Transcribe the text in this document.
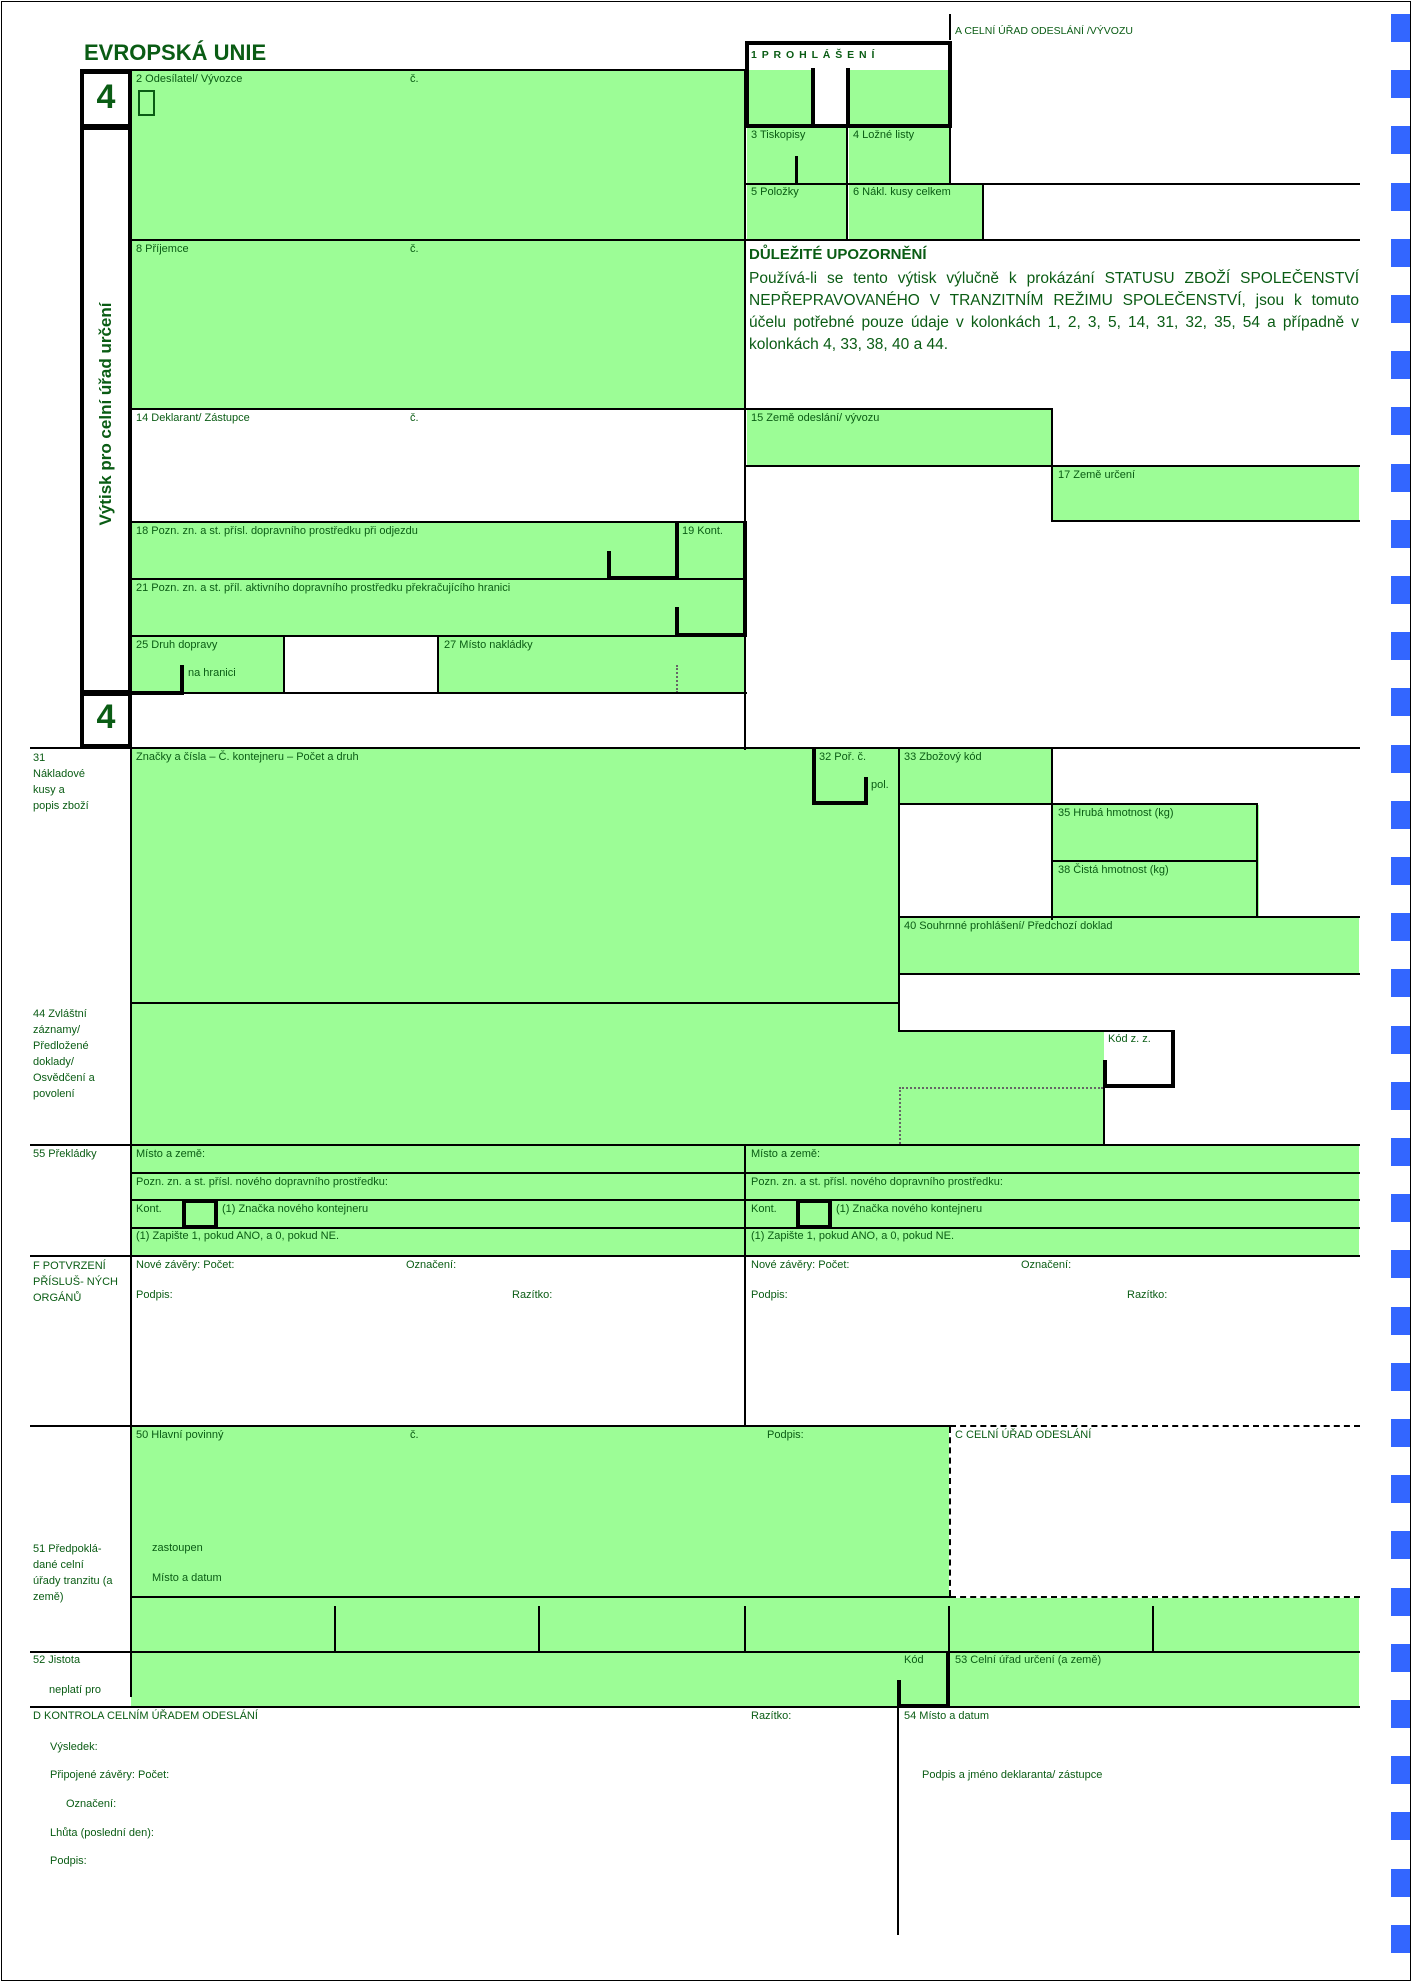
EVROPSKÁ UNIE
4
Výtisk pro celní úřad určení
4
1 P R O H L Á Š E N Í
A CELNÍ ÚŘAD ODESLÁNÍ /VÝVOZU
2 Odesílatel/ Vývozce	č.
3 Tiskopisy	4 Ložné listy
5 Položky	6 Nákl. kusy celkem
8 Příjemce	č.	DŮLEŽITÉ UPOZORNĚNÍ
Používá-li se tento výtisk výlučně k prokázání STATUSU ZBOŽÍ SPOLEČENSTVÍ NEPŘEPRAVOVANÉHO V TRANZITNÍM REŽIMU SPOLEČENSTVÍ, jsou k tomuto účelu potřebné pouze údaje v kolonkách 1, 2, 3, 5, 14, 31, 32, 35, 54 a případně v kolonkách 4, 33, 38, 40 a 44.
14 Deklarant/ Zástupce	č.	15 Země odeslání/ vývozu
17 Země určení
18 Pozn. zn. a st. přísl. dopravního prostředku při odjezdu	19 Kont.
21 Pozn. zn. a st. příl. aktivního dopravního prostředku překračujícího hranici
25 Druh dopravy
na hranici
27 Místo nakládky
31 Nákladové kusy a popis zboží
Značky a čísla – Č. kontejneru – Počet a druh	32 Poř. č.
pol.
33 Zbožový kód
35 Hrubá hmotnost (kg)
38 Čistá hmotnost (kg)
40 Souhrnné prohlášení/ Předchozí doklad
44 Zvláštní záznamy/ Předložené doklady/ Osvědčení a povolení
Kód z. z.
55 Překládky	Místo a země:	Místo a země:
Pozn. zn. a st. přísl. nového dopravního prostředku:	Pozn. zn. a st. přísl. nového dopravního prostředku:
Kont.	(1) Značka nového kontejneru	Kont.	(1) Značka nového kontejneru
(1) Zapište 1, pokud ANO, a 0, pokud NE.	(1) Zapište 1, pokud ANO, a 0, pokud NE.
F POTVRZENÍ PŘÍSLUŠ- NÝCH ORGÁNŮ
Nové závěry: Počet:	Označení:
Podpis:	Razítko:
Nové závěry: Počet:	Označení:
Podpis:	Razítko:
50 Hlavní povinný	č.	Podpis:	C CELNÍ ÚŘAD ODESLÁNÍ
zastoupen
Místo a datum
51 Předpoklá- dané celní úřady tranzitu (a země)
52 Jistota
neplatí pro
Kód	53 Celní úřad určení (a země)
D KONTROLA CELNÍM ÚŘADEM ODESLÁNÍ	Razítko:	54 Místo a datum
Výsledek:
Připojené závěry: Počet:	Podpis a jméno deklaranta/ zástupce
Označení:
Lhůta (poslední den):
Podpis:
